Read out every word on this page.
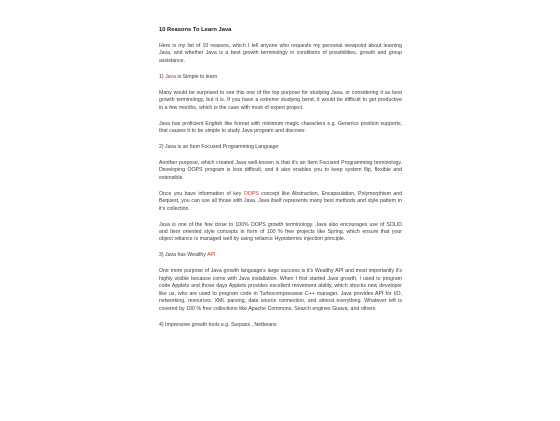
10 Reasons To Learn Java
Here is my list of 10 reasons, which I tell anyone who requests my personal viewpoint about learning Java, and whether Java is a best growth terminology in conditions of possibilities, growth and group assistance.
1) Java is Simple to learn
Many would be surprised to see this one of the top purpose for studying Java, or considering it as best growth terminology, but it is. If you have a extreme studying bend, it would be difficult to get productive in a few months, which is the case with most of expert project.
Java has proficient English like format with minimum magic characters e.g. Generics position supports, that causes it to be simple to study Java program and discover.
2) Java is an Item Focused Programming Language
Another purpose, which created Java well-known is that it's an Item Focused Programming terminology. Developing OOPS program is less difficult, and it also enables you to keep system flip, flexible and extensible.
Once you have information of key OOPS concept like Abstraction, Encapsulation, Polymorphism and Bequest, you can use all those with Java. Java itself represents many best methods and style pattern in it's collection.
Java is one of the few close to 100% OOPS growth terminology. Java also encourages use of SOLID and Item oriented style concepts in form of 100 % free projects like Spring, which ensure that your object reliance is managed well by using reliance Hypodermic injection principle.
3) Java has Wealthy API
One more purpose of Java growth language's large success is it's Wealthy API and most importantly it's highly visible because come with Java installation. When I first started Java growth, I used to program code Applets and those days Applets provides excellent movement ability, which shocks new developer like us, who are used to program code in Turbocompressear C++ manager. Java provides API for I/O, networking, resources, XML parsing, data source connection, and almost everything. Whatever left is covered by 100 % free collections like Apache Commons, Search engines Guava, and others.
4) Impressive growth tools e.g. Surpass , Netbeans
